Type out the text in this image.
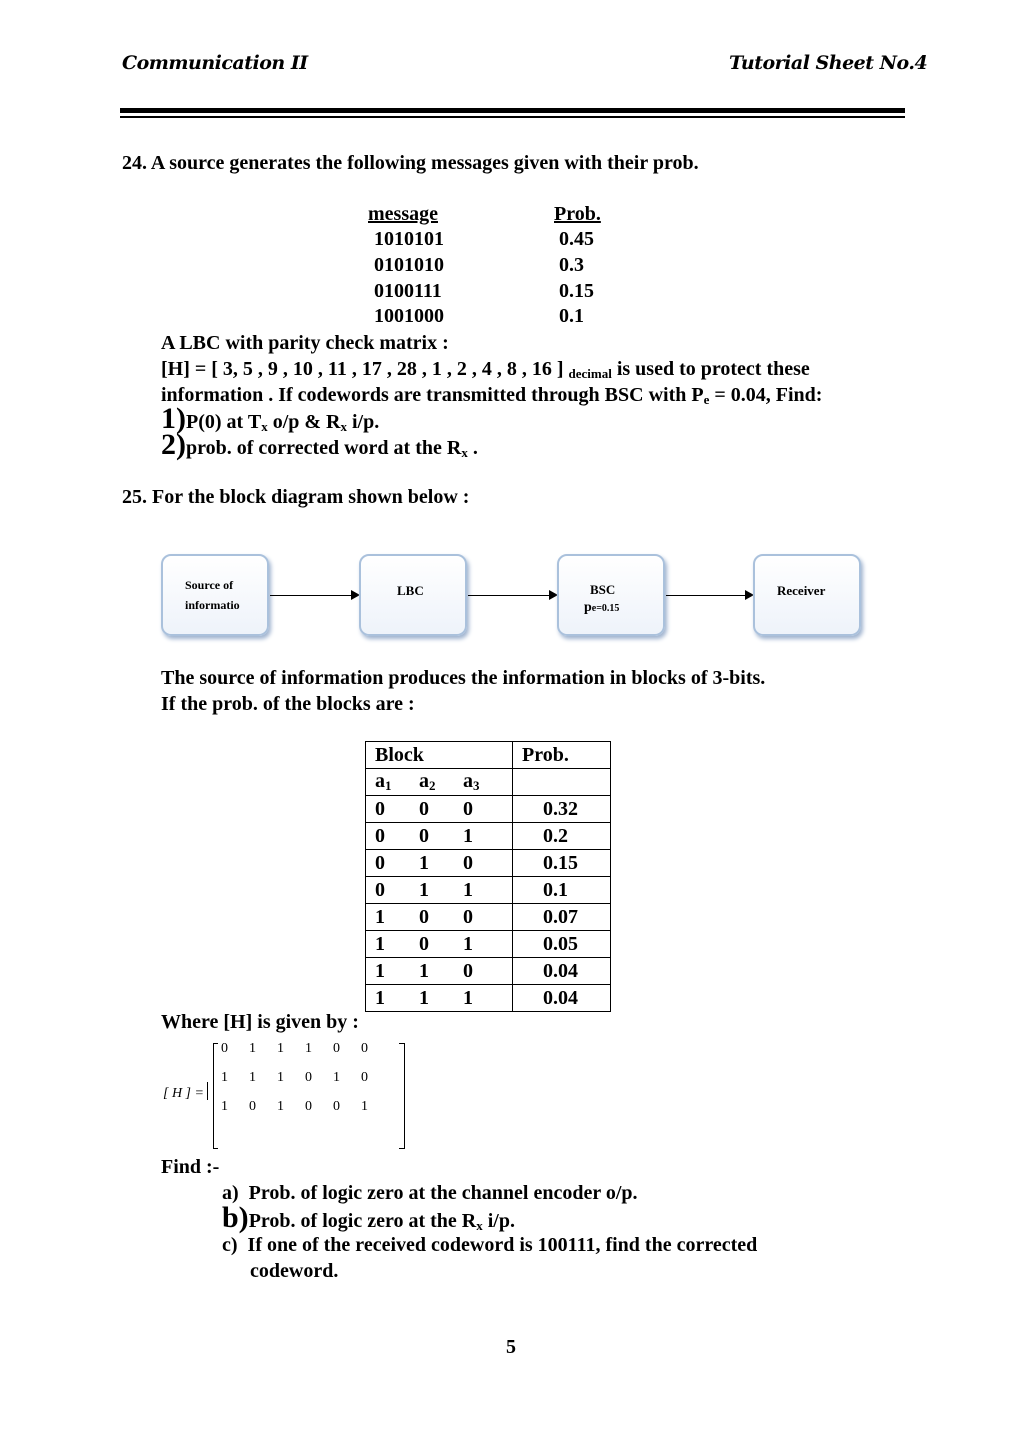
Communication II	Tutorial Sheet No.4
24. A source generates the following messages given with their prob.
message	Prob.
1010101	0.45
0101010	0.3
0100111	0.15
1001000	0.1
A LBC with parity check matrix :
[H] = [ 3, 5 , 9 , 10 , 11 , 17 , 28 , 1 , 2 , 4 , 8 , 16 ] $_{decimal}$ is used to protect these
information . If codewords are transmitted through BSC with $P_e = 0.04$, Find:
1)P(0) at $T_x$ o/p & $R_x$ i/p.
2)prob. of corrected word at the $R_x$ .
25. For the block diagram shown below :
Source of
informatio
LBC	BSC
pe=0.15
Receiver
The source of information produces the information in blocks of 3-bits.
If the prob. of the blocks are :
Block	Prob.
$a_1$ $a_2$ $a_3$	
0 0 0	0.32
0 0 1	0.2
0 1 0	0.15
0 1 1	0.1
1 0 0	0.07
1 0 1	0.05
1 1 0	0.04
1 1 1	0.04
Where [H] is given by :
[ H ] =
0 1 1 1 0 0
1 1 1 0 1 0
1 0 1 0 0 1
Find :-
a) Prob. of logic zero at the channel encoder o/p.
b)Prob. of logic zero at the $R_x$ i/p.
c) If one of the received codeword is 100111, find the corrected
codeword.
5
